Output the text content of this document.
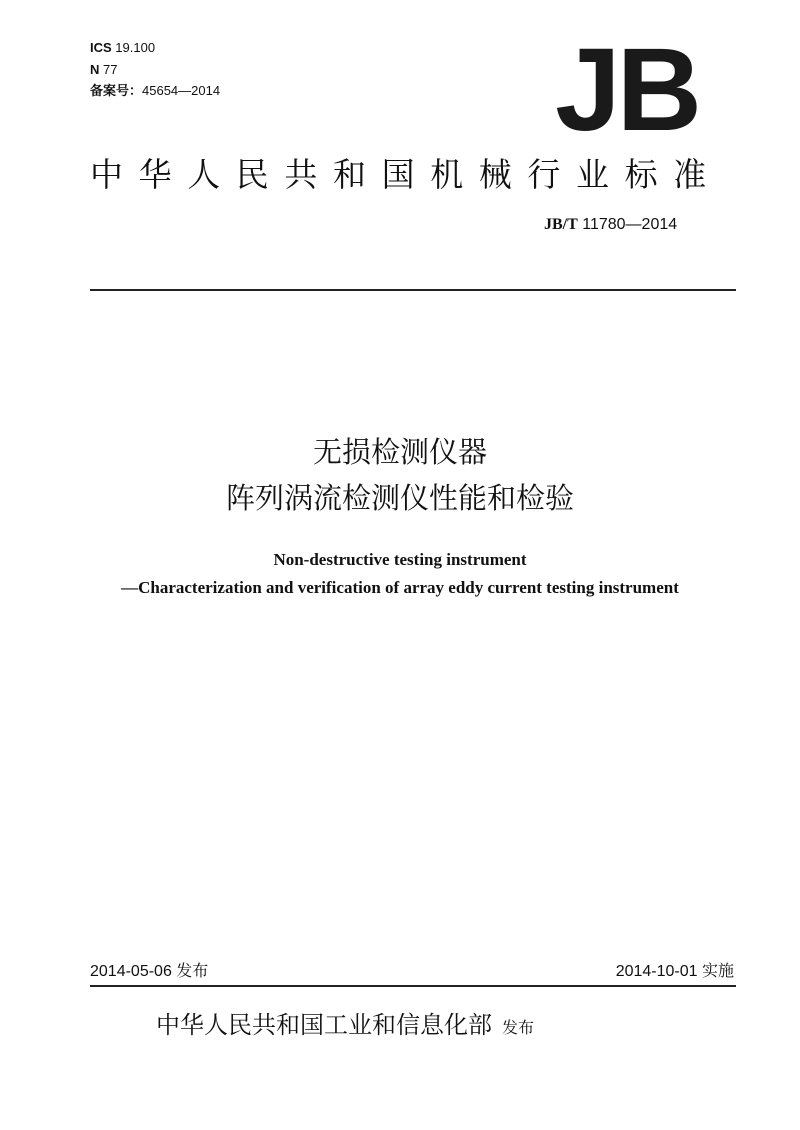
ICS 19.100
N 77
备案号：45654—2014	JB
中华人民共和国机械行业标准
JB/T 11780—2014
无损检测仪器
阵列涡流检测仪性能和检验
Non-destructive testing instrument
—Characterization and verification of array eddy current testing instrument
2014-05-06 发布	2014-10-01 实施
中华人民共和国工业和信息化部 发布
